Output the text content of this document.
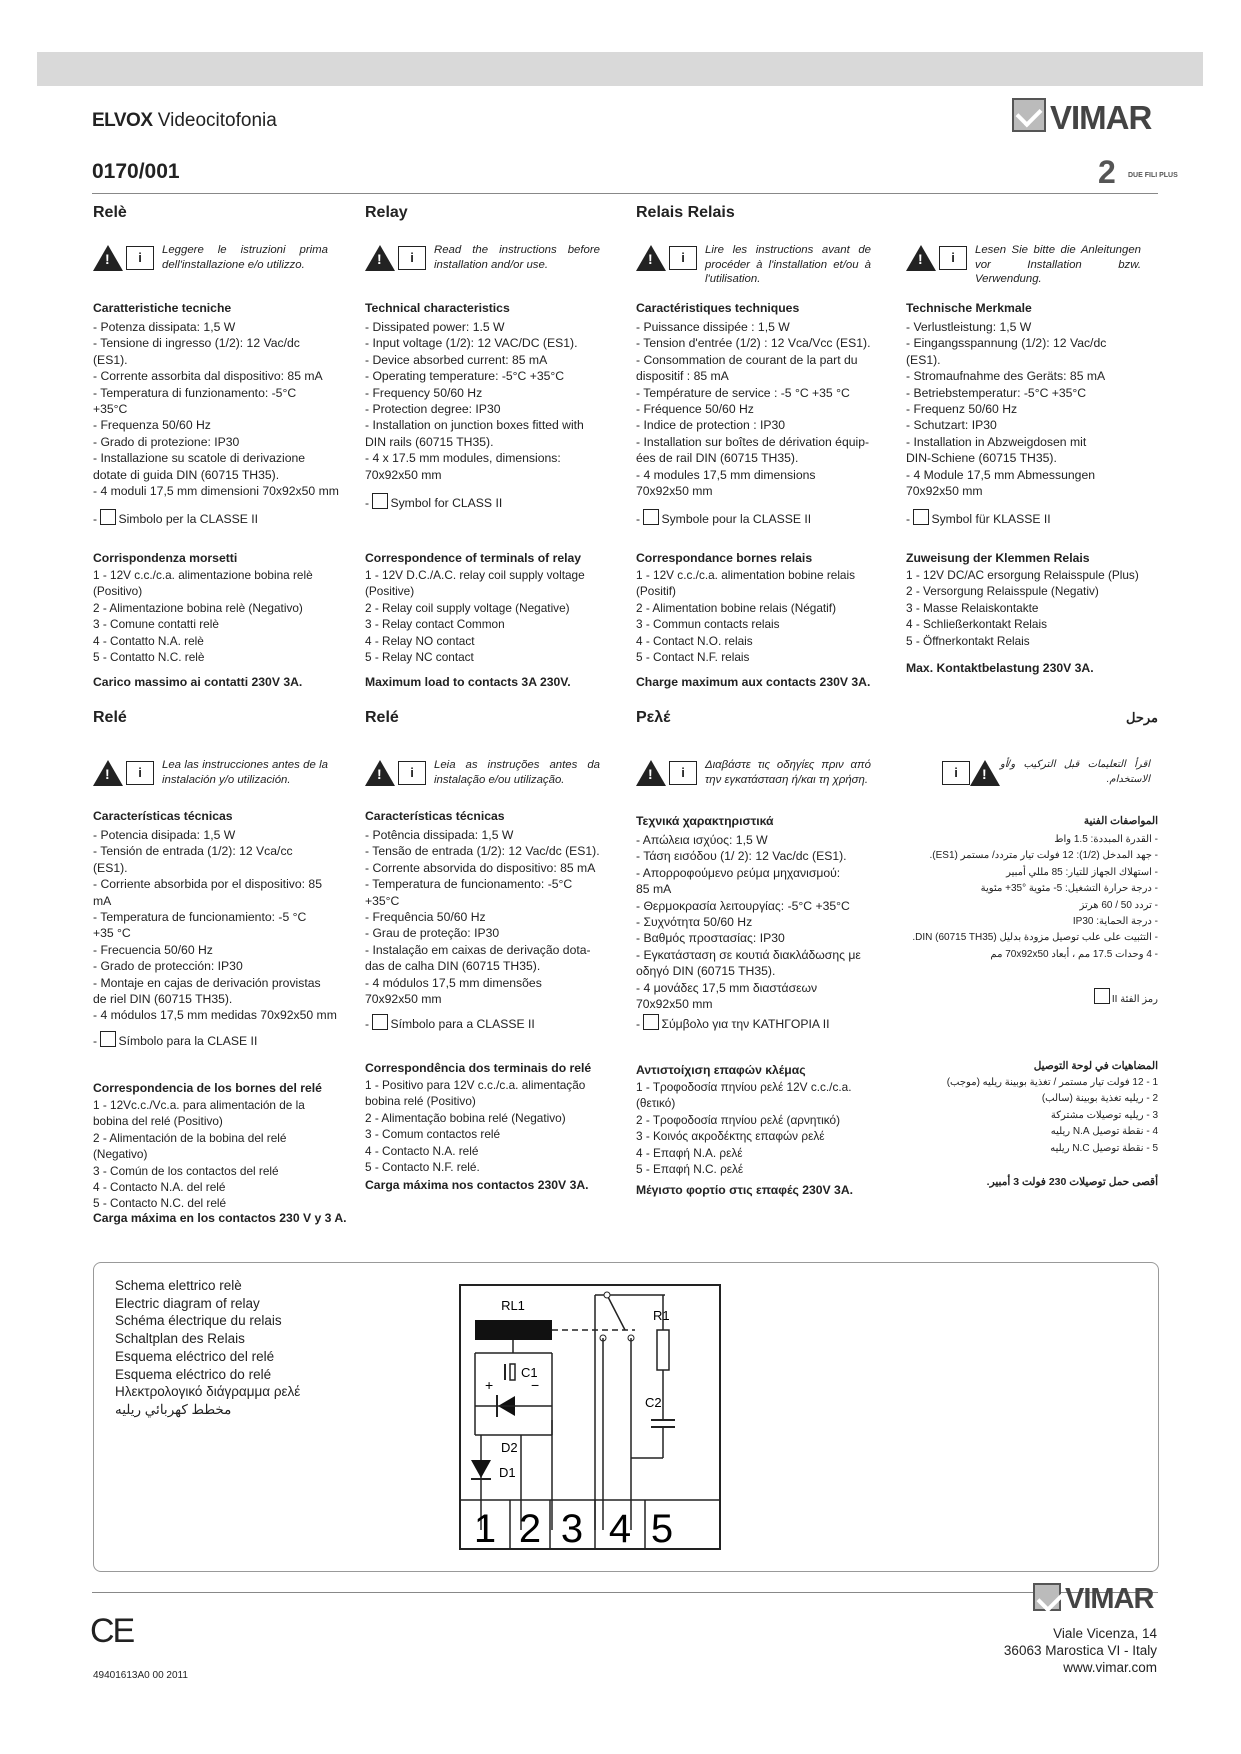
ELVOX Videocitofonia	VIMAR
0170/001	2 DUE FILI PLUS
Relè
!
i	Leggere le istruzioni prima dell'installazione e/o utilizzo.
Caratteristiche tecniche
- Potenza dissipata: 1,5 W
- Tensione di ingresso (1/2): 12 Vac/dc
(ES1).
- Corrente assorbita dal dispositivo: 85 mA
- Temperatura di funzionamento: -5°C
+35°C
- Frequenza 50/60 Hz
- Grado di protezione: IP30
- Installazione su scatole di derivazione
dotate di guida DIN (60715 TH35).
- 4 moduli 17,5 mm dimensioni 70x92x50 mm
- Simbolo per la CLASSE II
Corrispondenza morsetti
1 - 12V c.c./c.a. alimentazione bobina relè
(Positivo)
2 - Alimentazione bobina relè (Negativo)
3 - Comune contatti relè
4 - Contatto N.A. relè
5 - Contatto N.C. relè
Carico massimo ai contatti 230V 3A.
Relay
!
i	Read the instructions before installation and/or use.
Technical characteristics
- Dissipated power: 1.5 W
- Input voltage (1/2): 12 VAC/DC (ES1).
- Device absorbed current: 85 mA
- Operating temperature: -5°C +35°C
- Frequency 50/60 Hz
- Protection degree: IP30
- Installation on junction boxes fitted with
DIN rails (60715 TH35).
- 4 x 17.5 mm modules, dimensions:
70x92x50 mm
- Symbol for CLASS II
Correspondence of terminals of relay
1 - 12V D.C./A.C. relay coil supply voltage
(Positive)
2 - Relay coil supply voltage (Negative)
3 - Relay contact Common
4 - Relay NO contact
5 - Relay NC contact
Maximum load to contacts 3A 230V.
Relais Relais
!
i	Lire les instructions avant de procéder à l'installation et/ou à l'utilisation.
Caractéristiques techniques
- Puissance dissipée : 1,5 W
- Tension d'entrée (1/2) : 12 Vca/Vcc (ES1).
- Consommation de courant de la part du
dispositif : 85 mA
- Température de service : -5 °C +35 °C
- Fréquence 50/60 Hz
- Indice de protection : IP30
- Installation sur boîtes de dérivation équip-
ées de rail DIN (60715 TH35).
- 4 modules 17,5 mm dimensions
70x92x50 mm
- Symbole pour la CLASSE II
Correspondance bornes relais
1 - 12V c.c./c.a. alimentation bobine relais
(Positif)
2 - Alimentation bobine relais (Négatif)
3 - Commun contacts relais
4 - Contact N.O. relais
5 - Contact N.F. relais
Charge maximum aux contacts 230V 3A.
!
i	Lesen Sie bitte die Anleitungen vor Installation bzw. Verwendung.
Technische Merkmale
- Verlustleistung: 1,5 W
- Eingangsspannung (1/2): 12 Vac/dc
(ES1).
- Stromaufnahme des Geräts: 85 mA
- Betriebstemperatur: -5°C +35°C
- Frequenz 50/60 Hz
- Schutzart: IP30
- Installation in Abzweigdosen mit
DIN-Schiene (60715 TH35).
- 4 Module 17,5 mm Abmessungen
70x92x50 mm
- Symbol für KLASSE II
Zuweisung der Klemmen Relais
1 - 12V DC/AC ersorgung Relaisspule (Plus)
2 - Versorgung Relaisspule (Negativ)
3 - Masse Relaiskontakte
4 - Schließerkontakt Relais
5 - Öffnerkontakt Relais
Max. Kontaktbelastung 230V 3A.
Relé
!
i	Lea las instrucciones antes de la instalación y/o utilización.
Características técnicas
- Potencia disipada: 1,5 W
- Tensión de entrada (1/2): 12 Vca/cc
(ES1).
- Corriente absorbida por el dispositivo: 85
mA
- Temperatura de funcionamiento: -5 °C
+35 °C
- Frecuencia 50/60 Hz
- Grado de protección: IP30
- Montaje en cajas de derivación provistas
de riel DIN (60715 TH35).
- 4 módulos 17,5 mm medidas 70x92x50 mm
- Símbolo para la CLASE II
Correspondencia de los bornes del relé
1 - 12Vc.c./Vc.a. para alimentación de la
bobina del relé (Positivo)
2 - Alimentación de la bobina del relé
(Negativo)
3 - Común de los contactos del relé
4 - Contacto N.A. del relé
5 - Contacto N.C. del relé
Carga máxima en los contactos 230 V y 3 A.
Relé
!
i	Leia as instruções antes da instalação e/ou utilização.
Características técnicas
- Potência dissipada: 1,5 W
- Tensão de entrada (1/2): 12 Vac/dc (ES1).
- Corrente absorvida do dispositivo: 85 mA
- Temperatura de funcionamento: -5°C
+35°C
- Frequência 50/60 Hz
- Grau de proteção: IP30
- Instalação em caixas de derivação dota-
das de calha DIN (60715 TH35).
- 4 módulos 17,5 mm dimensões
70x92x50 mm
- Símbolo para a CLASSE II
Correspondência dos terminais do relé
1 - Positivo para 12V c.c./c.a. alimentação
bobina relé (Positivo)
2 - Alimentação bobina relé (Negativo)
3 - Comum contactos relé
4 - Contacto N.A. relé
5 - Contacto N.F. relé.
Carga máxima nos contactos 230V 3A.
Ρελέ
!
i	Διαβάστε τις οδηγίες πριν από την εγκατάσταση ή/και τη χρήση.
Τεχνικά χαρακτηριστικά
- Απώλεια ισχύος: 1,5 W
- Τάση εισόδου (1/ 2): 12 Vac/dc (ES1).
- Απορροφούμενο ρεύμα μηχανισμού:
85 mA
- Θερμοκρασία λειτουργίας: -5°C +35°C
- Συχνότητα 50/60 Hz
- Βαθμός προστασίας: IP30
- Εγκατάσταση σε κουτιά διακλάδωσης με
οδηγό DIN (60715 TH35).
- 4 μονάδες 17,5 mm διαστάσεων
70x92x50 mm
- Σύμβολο για την ΚΑΤΗΓΟΡΙΑ II
Αντιστοίχιση επαφών κλέμας
1 - Τροφοδοσία πηνίου ρελέ 12V c.c./c.a.
(θετικό)
2 - Τροφοδοσία πηνίου ρελέ (αρνητικό)
3 - Κοινός ακροδέκτης επαφών ρελέ
4 - Επαφή Ν.Α. ρελέ
5 - Επαφή Ν.C. ρελέ
Μέγιστο φορτίο στις επαφές 230V 3A.
مرحل
i
!
اقرأ التعليمات قبل التركيب و/أو الاستخدام.
المواصفات الفنية
- القدرة المبددة: 1.5 واط
- جهد المدخل (1/2): 12 فولت تيار متردد/ مستمر (ES1).
- استهلاك الجهاز للتيار: 85 مللي أمبير
- درجة حرارة التشغيل: 5- مئوية °35+ مئوية
- تردد 50 / 60 هرتز
- درجة الحماية: IP30
- التثبيت على علب توصيل مزودة بدليل DIN (60715 TH35).
- 4 وحدات 17.5 مم ، أبعاد 70x92x50 مم
رمز الفئة II
المضاهيات في لوحة التوصيل
1 - 12 فولت تيار مستمر / تغذية بوبينة ريليه (موجب)
2 - ريليه تغذية بوبينة (سالب)
3 - ريليه توصيلات مشتركة
4 - نقطة توصيل N.A ريليه
5 - نقطة توصيل N.C ريليه
أقصى حمل توصيلات 230 فولت 3 أمبير.
Schema elettrico relè
Electric diagram of relay
Schéma électrique du relais
Schaltplan des Relais
Esquema eléctrico del relé
Esquema eléctrico do relé
Ηλεκτρολογικό διάγραμμα ρελέ
مخطط كهربائي ريليه
RL1
C1
+	−
D2
D1
R1
C2
1 2 3 4 5
CE
49401613A0 00 2011
VIMAR
Viale Vicenza, 14
36063 Marostica VI - Italy
www.vimar.com
